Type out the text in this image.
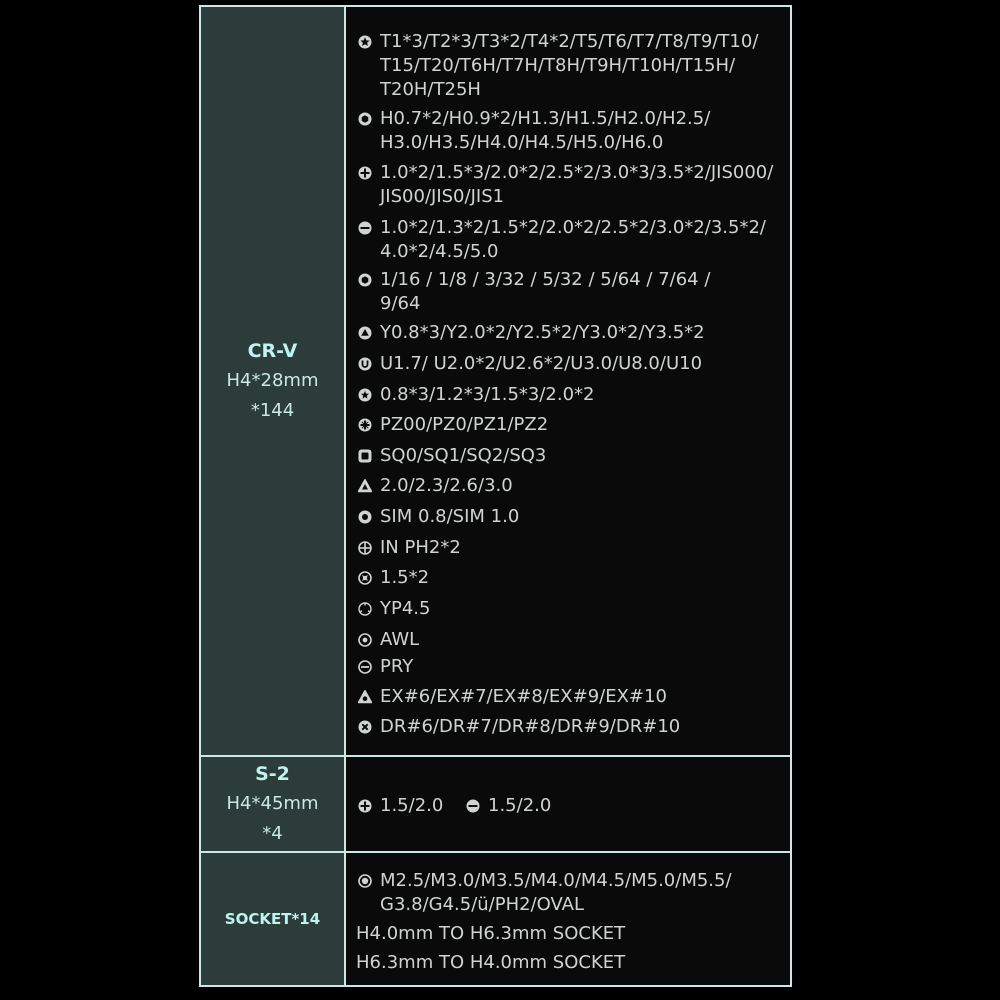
CR-V
H4*28mm
*144
T1*3/T2*3/T3*2/T4*2/T5/T6/T7/T8/T9/T10/
T15/T20/T6H/T7H/T8H/T9H/T10H/T15H/
T20H/T25H
H0.7*2/H0.9*2/H1.3/H1.5/H2.0/H2.5/
H3.0/H3.5/H4.0/H4.5/H5.0/H6.0
1.0*2/1.5*3/2.0*2/2.5*2/3.0*3/3.5*2/JIS000/
JIS00/JIS0/JIS1
1.0*2/1.3*2/1.5*2/2.0*2/2.5*2/3.0*2/3.5*2/
4.0*2/4.5/5.0
1/16 / 1/8 / 3/32 / 5/32 / 5/64 / 7/64 /
9/64
Y0.8*3/Y2.0*2/Y2.5*2/Y3.0*2/Y3.5*2
U1.7/ U2.0*2/U2.6*2/U3.0/U8.0/U10
0.8*3/1.2*3/1.5*3/2.0*2
PZ00/PZ0/PZ1/PZ2
SQ0/SQ1/SQ2/SQ3
2.0/2.3/2.6/3.0
SIM 0.8/SIM 1.0
IN PH2*2
1.5*2
YP4.5
AWL
PRY
EX#6/EX#7/EX#8/EX#9/EX#10
DR#6/DR#7/DR#8/DR#9/DR#10
S-2
H4*45mm
*4
1.5/2.0 1.5/2.0
SOCKET*14
M2.5/M3.0/M3.5/M4.0/M4.5/M5.0/M5.5/
G3.8/G4.5/ü/PH2/OVAL
H4.0mm TO H6.3mm SOCKET
H6.3mm TO H4.0mm SOCKET
